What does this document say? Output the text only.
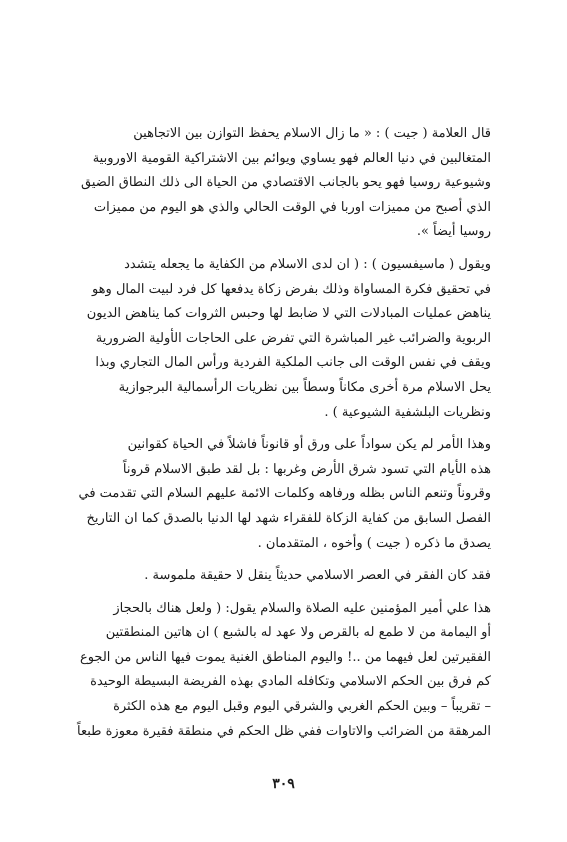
قال العلامة ( جيت ) : « ما زال الاسلام يحفظ التوازن بين الاتجاهين
المتغالبين في دنيا العالم فهو يساوي ويوائم بين الاشتراكية القومية الاوروبية
وشيوعية روسيا فهو يحو بالجانب الاقتصادي من الحياة الى ذلك النطاق الضيق
الذي أصبح من مميزات اوربا في الوقت الحالي والذي هو اليوم من مميزات
روسيا أيضاً ».

ويقول ( ماسيفسيون ) : ( ان لدى الاسلام من الكفاية ما يجعله يتشدد
في تحقيق فكرة المساواة وذلك بفرض زكاة يدفعها كل فرد لبيت المال وهو
يناهض عمليات المبادلات التي لا ضابط لها وحبس الثروات كما يناهض الديون
الربوية والضرائب غير المباشرة التي تفرض على الحاجات الأولية الضرورية
ويقف في نفس الوقت الى جانب الملكية الفردية ورأس المال التجاري وبذا
يحل الاسلام مرة أخرى مكاناً وسطاً بين نظريات الرأسمالية البرجوازية
ونظريات البلشفية الشيوعية ) .

وهذا الأمر لم يكن سواداً على ورق أو قانوناً فاشلاً في الحياة كقوانين
هذه الأيام التي تسود شرق الأرض وغربها : بل لقد طبق الاسلام قروناً
وقروناً وتنعم الناس بظله ورفاهه وكلمات الائمة عليهم السلام التي تقدمت في
الفصل السابق من كفاية الزكاة للفقراء شهد لها الدنيا بالصدق كما ان التاريخ
يصدق ما ذكره ( جيت ) وأخوه ، المتقدمان .

فقد كان الفقر في العصر الاسلامي حديثاً ينقل لا حقيقة ملموسة .

هذا علي أمير المؤمنين عليه الصلاة والسلام يقول: ( ولعل هناك بالحجاز
أو اليمامة من لا طمع له بالقرص ولا عهد له بالشبع ) ان هاتين المنطقتين
الفقيرتين لعل فيهما من ..! واليوم المناطق الغنية يموت فيها الناس من الجوع
كم فرق بين الحكم الاسلامي وتكافله المادي بهذه الفريضة البسيطة الوحيدة
– تقريباً – وبين الحكم الغربي والشرقي اليوم وقبل اليوم مع هذه الكثرة
المرهقة من الضرائب والاتاوات ففي ظل الحكم في منطقة فقيرة معوزة طبعاً

٣٠٩
